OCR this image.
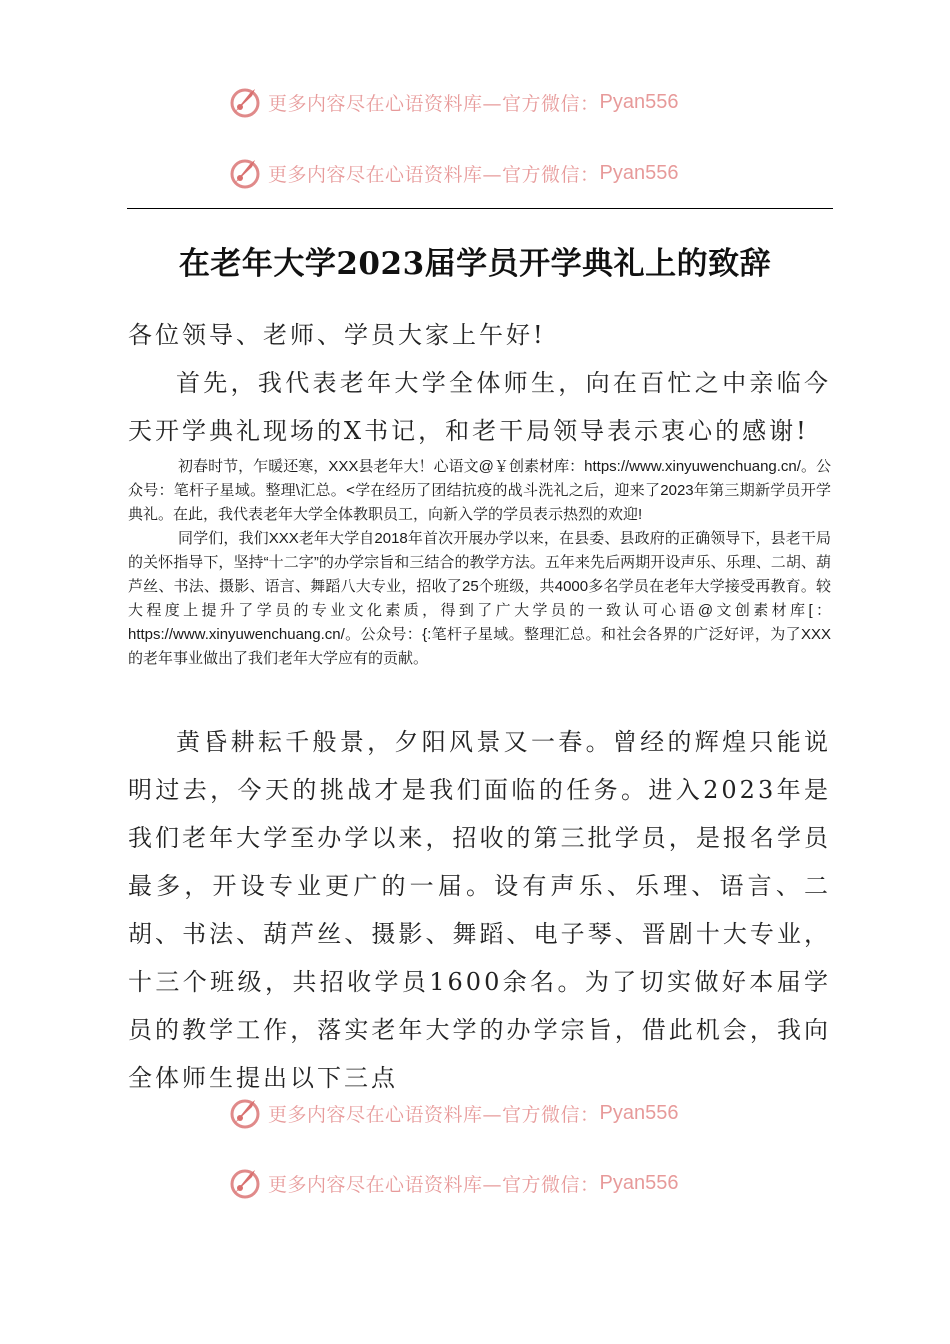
更多内容尽在心语资料库—官方微信： Pyan556
更多内容尽在心语资料库—官方微信： Pyan556
在老年大学2023届学员开学典礼上的致辞
各位领导、老师、学员大家上午好!
首先，我代表老年大学全体师生，向在百忙之中亲临今天开学典礼现场的X书记，和老干局领导表示衷心的感谢!
初春时节，乍暖还寒，XXX县老年大！心语文@￥创素材库：https://www.xinyuwenchuang.cn/。公众号：笔杆子星域。整理\汇总。<学在经历了团结抗疫的战斗洗礼之后，迎来了2023年第三期新学员开学典礼。在此，我代表老年大学全体教职员工，向新入学的学员表示热烈的欢迎!
同学们，我们XXX老年大学自2018年首次开展办学以来，在县委、县政府的正确领导下，县老干局的关怀指导下，坚持“十二字”的办学宗旨和三结合的教学方法。五年来先后两期开设声乐、乐理、二胡、葫芦丝、书法、摄影、语言、舞蹈八大专业，招收了25个班级，共4000多名学员在老年大学接受再教育。较大程度上提升了学员的专业文化素质，得到了广大学员的一致认可心语@文创素材库[：https://www.xinyuwenchuang.cn/。公众号：{:笔杆子星域。整理汇总。和社会各界的广泛好评，为了XXX的老年事业做出了我们老年大学应有的贡献。
黄昏耕耘千般景，夕阳风景又一春。曾经的辉煌只能说明过去，今天的挑战才是我们面临的任务。进入2023年是我们老年大学至办学以来，招收的第三批学员，是报名学员最多，开设专业更广的一届。设有声乐、乐理、语言、二胡、书法、葫芦丝、摄影、舞蹈、电子琴、晋剧十大专业，十三个班级，共招收学员1600余名。为了切实做好本届学员的教学工作，落实老年大学的办学宗旨，借此机会，我向全体师生提出以下三点
更多内容尽在心语资料库—官方微信： Pyan556
更多内容尽在心语资料库—官方微信： Pyan556
